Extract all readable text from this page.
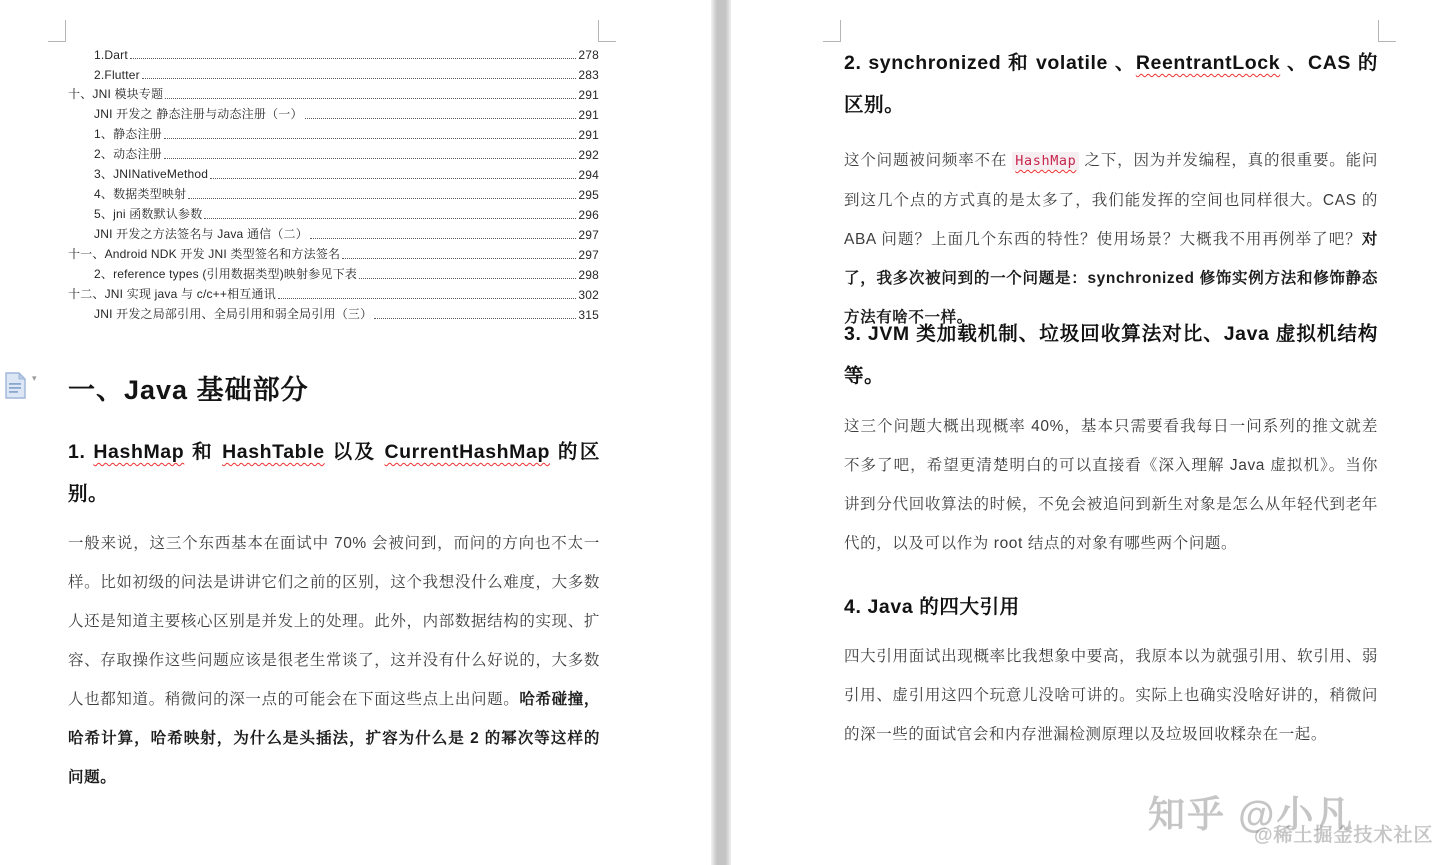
1.Dart	278
2.Flutter	283
十、JNI 模块专题	291
JNI 开发之 静态注册与动态注册（一）	291
1、静态注册	291
2、动态注册	292
3、JNINativeMethod	294
4、数据类型映射	295
5、jni 函数默认参数	296
JNI 开发之方法签名与 Java 通信（二）	297
十一、Android NDK 开发 JNI 类型签名和方法签名	297
2、reference types (引用数据类型)映射参见下表	298
十二、JNI 实现 java 与 c/c++相互通讯	302
JNI 开发之局部引用、全局引用和弱全局引用（三）	315
▾ 一、Java 基础部分
1. HashMap 和 HashTable 以及 CurrentHashMap 的区别。
一般来说，这三个东西基本在面试中 70% 会被问到，而问的方向也不太一样。比如初级的问法是讲讲它们之前的区别，这个我想没什么难度，大多数人还是知道主要核心区别是并发上的处理。此外，内部数据结构的实现、扩容、存取操作这些问题应该是很老生常谈了，这并没有什么好说的，大多数人也都知道。稍微问的深一点的可能会在下面这些点上出问题。哈希碰撞，哈希计算，哈希映射，为什么是头插法，扩容为什么是 2 的幂次等这样的问题。
2. synchronized 和 volatile 、ReentrantLock 、CAS 的区别。
这个问题被问频率不在 HashMap 之下，因为并发编程，真的很重要。能问到这几个点的方式真的是太多了，我们能发挥的空间也同样很大。CAS 的 ABA 问题？上面几个东西的特性？使用场景？大概我不用再例举了吧？对了，我多次被问到的一个问题是：synchronized 修饰实例方法和修饰静态方法有啥不一样。
3. JVM 类加载机制、垃圾回收算法对比、Java 虚拟机结构等。
这三个问题大概出现概率 40%，基本只需要看我每日一问系列的推文就差不多了吧，希望更清楚明白的可以直接看《深入理解 Java 虚拟机》。当你讲到分代回收算法的时候，不免会被追问到新生对象是怎么从年轻代到老年代的，以及可以作为 root 结点的对象有哪些两个问题。
4. Java 的四大引用
四大引用面试出现概率比我想象中要高，我原本以为就强引用、软引用、弱引用、虚引用这四个玩意儿没啥可讲的。实际上也确实没啥好讲的，稍微问的深一些的面试官会和内存泄漏检测原理以及垃圾回收糅杂在一起。
知乎 @小凡
@稀土掘金技术社区
